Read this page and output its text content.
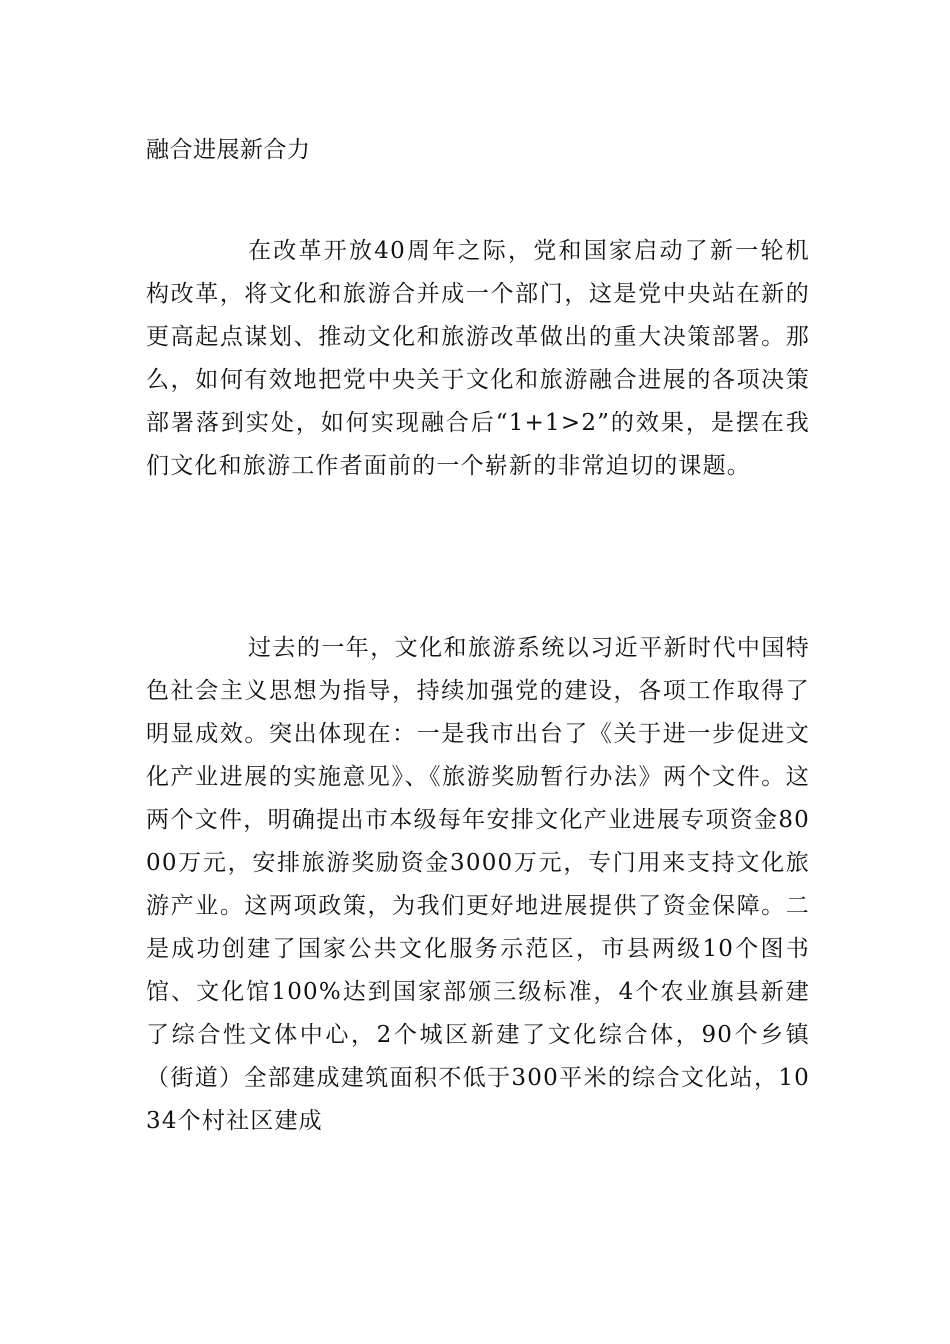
融合进展新合力

在改革开放40周年之际，党和国家启动了新一轮机构改革，将文化和旅游合并成一个部门，这是党中央站在新的更高起点谋划、推动文化和旅游改革做出的重大决策部署。那么，如何有效地把党中央关于文化和旅游融合进展的各项决策部署落到实处，如何实现融合后“1+1>2”的效果，是摆在我们文化和旅游工作者面前的一个崭新的非常迫切的课题。

过去的一年，文化和旅游系统以习近平新时代中国特色社会主义思想为指导，持续加强党的建设，各项工作取得了明显成效。突出体现在：一是我市出台了《关于进一步促进文化产业进展的实施意见》、《旅游奖励暂行办法》两个文件。这两个文件，明确提出市本级每年安排文化产业进展专项资金8000万元，安排旅游奖励资金3000万元，专门用来支持文化旅游产业。这两项政策，为我们更好地进展提供了资金保障。二是成功创建了国家公共文化服务示范区，市县两级10个图书馆、文化馆100%达到国家部颁三级标准，4个农业旗县新建了综合性文体中心，2个城区新建了文化综合体，90个乡镇（街道）全部建成建筑面积不低于300平米的综合文化站，1034个村社区建成
